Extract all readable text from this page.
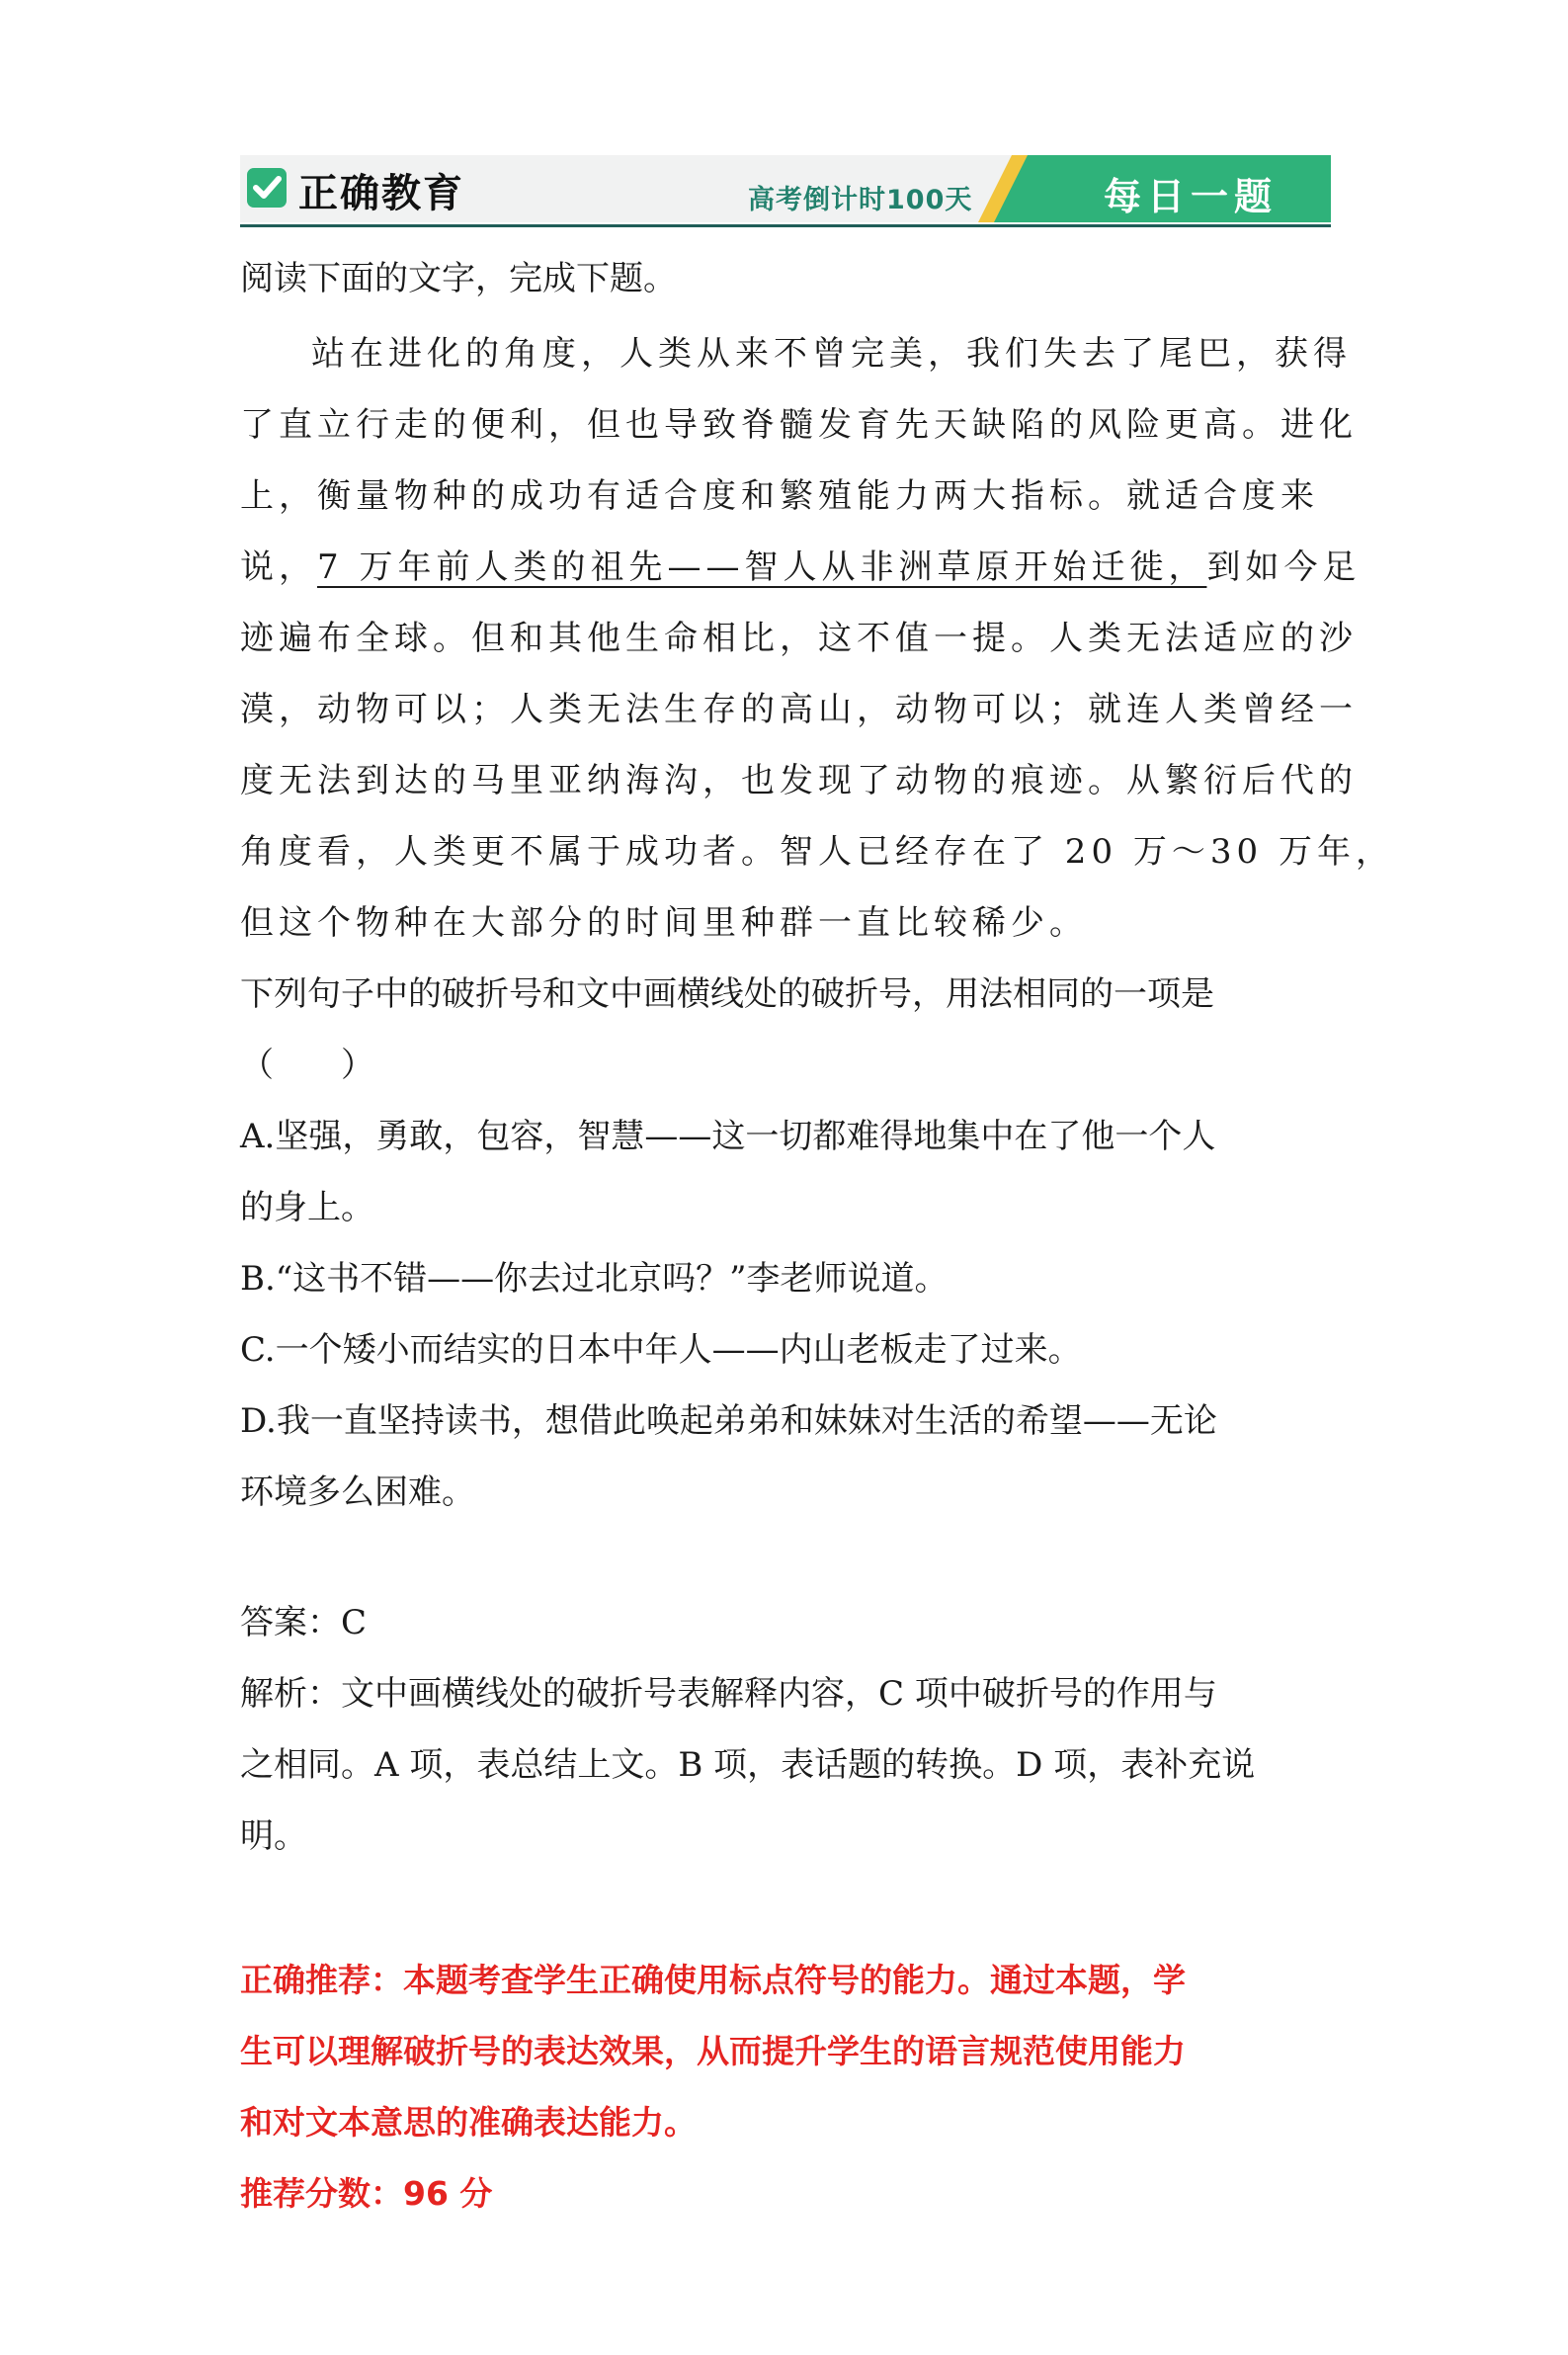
正确教育	高考倒计时100天	每日一题

阅读下面的文字，完成下题。

站在进化的角度，人类从来不曾完美，我们失去了尾巴，获得

了直立行走的便利，但也导致脊髓发育先天缺陷的风险更高。进化

上，衡量物种的成功有适合度和繁殖能力两大指标。就适合度来

说，7 万年前人类的祖先——智人从非洲草原开始迁徙，到如今足

迹遍布全球。但和其他生命相比，这不值一提。人类无法适应的沙

漠，动物可以；人类无法生存的高山，动物可以；就连人类曾经一

度无法到达的马里亚纳海沟，也发现了动物的痕迹。从繁衍后代的

角度看，人类更不属于成功者。智人已经存在了 20 万～30 万年，

但这个物种在大部分的时间里种群一直比较稀少。

下列句子中的破折号和文中画横线处的破折号，用法相同的一项是

（　　）

A.坚强，勇敢，包容，智慧——这一切都难得地集中在了他一个人

的身上。

B.“这书不错——你去过北京吗？”李老师说道。

C.一个矮小而结实的日本中年人——内山老板走了过来。

D.我一直坚持读书，想借此唤起弟弟和妹妹对生活的希望——无论

环境多么困难。

答案：C

解析：文中画横线处的破折号表解释内容，C 项中破折号的作用与

之相同。A 项，表总结上文。B 项，表话题的转换。D 项，表补充说

明。

正确推荐：本题考查学生正确使用标点符号的能力。通过本题，学

生可以理解破折号的表达效果，从而提升学生的语言规范使用能力

和对文本意思的准确表达能力。

推荐分数：96 分
